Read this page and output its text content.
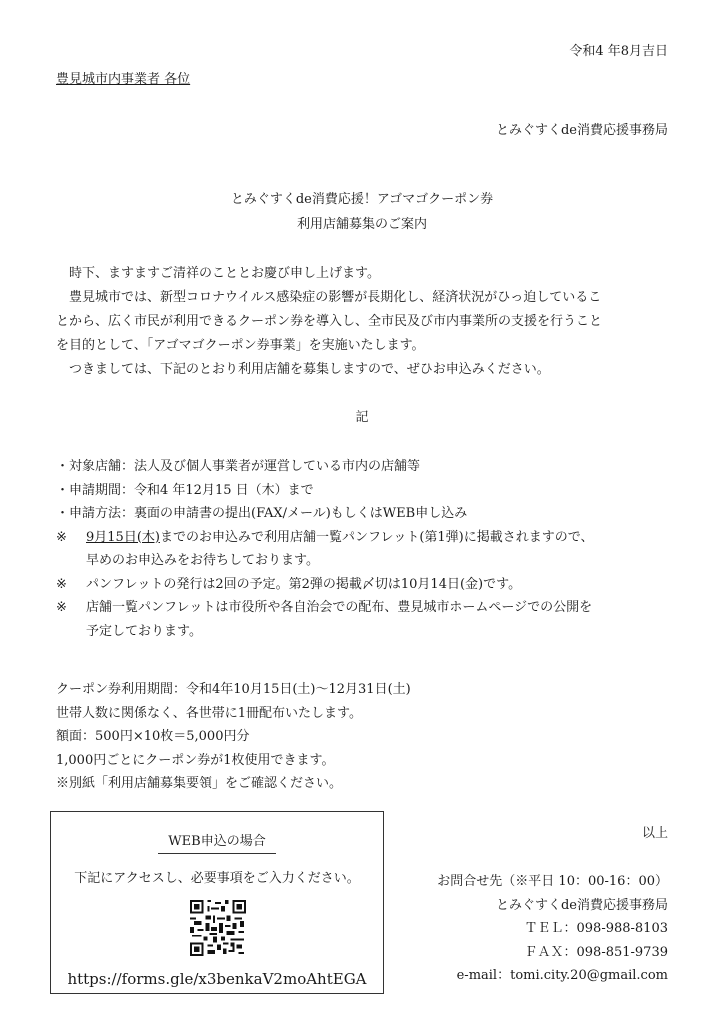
令和4 年8月吉日
豊見城市内事業者 各位
とみぐすくde消費応援事務局
とみぐすくde消費応援！アゴマゴクーポン券
利用店舗募集のご案内

　時下、ますますご清祥のこととお慶び申し上げます。

　豊見城市では、新型コロナウイルス感染症の影響が長期化し、経済状況がひっ迫しているこ

とから、広く市民が利用できるクーポン券を導入し、全市民及び市内事業所の支援を行うこと

を目的として、「アゴマゴクーポン券事業」を実施いたします。

　つきましては、下記のとおり利用店舗を募集しますので、ぜひお申込みください。

記
・対象店舗：法人及び個人事業者が運営している市内の店舗等
・申請期間：令和4 年12月15 日（木）まで
・申請方法：裏面の申請書の提出(FAX/メール)もしくはWEB申し込み
※ 9月15日(木)までのお申込みで利用店舗一覧パンフレット(第1弾)に掲載されますので、
早めのお申込みをお待ちしております。
※ パンフレットの発行は2回の予定。第2弾の掲載〆切は10月14日(金)です。
※ 店舗一覧パンフレットは市役所や各自治会での配布、豊見城市ホームページでの公開を
予定しております。
クーポン券利用期間：令和4年10月15日(土)～12月31日(土)
世帯人数に関係なく、各世帯に1冊配布いたします。
額面：500円×10枚＝5,000円分
1,000円ごとにクーポン券が1枚使用できます。
※別紙「利用店舗募集要領」をご確認ください。
以上
WEB申込の場合
下記にアクセスし、必要事項をご入力ください。
https://forms.gle/x3benkaV2moAhtEGA
お問合せ先（※平日 10：00-16：00）
とみぐすくde消費応援事務局
ＴＥＬ：098-988-8103
ＦＡＸ：098-851-9739
e-mail：tomi.city.20@gmail.com
